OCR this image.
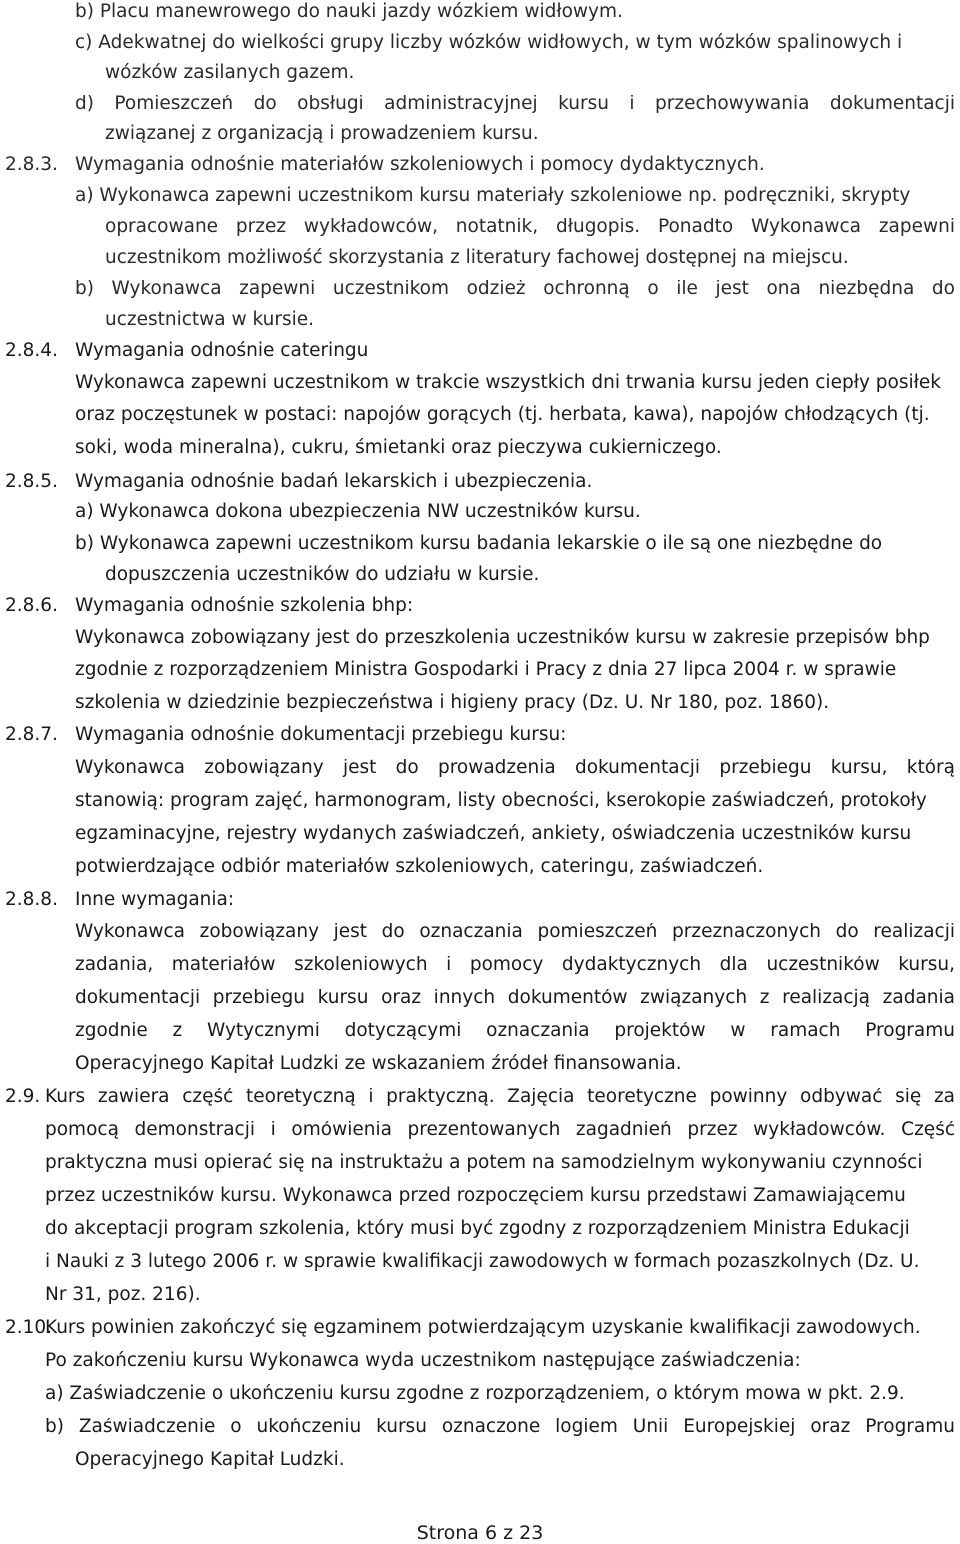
b) Placu manewrowego do nauki jazdy wózkiem widłowym.
c) Adekwatnej do wielkości grupy liczby wózków widłowych, w tym wózków spalinowych i
wózków zasilanych gazem.
d) Pomieszczeń do obsługi administracyjnej kursu i przechowywania dokumentacji
związanej z organizacją i prowadzeniem kursu.
2.8.3. Wymagania odnośnie materiałów szkoleniowych i pomocy dydaktycznych.
a) Wykonawca zapewni uczestnikom kursu materiały szkoleniowe np. podręczniki, skrypty
opracowane przez wykładowców, notatnik, długopis. Ponadto Wykonawca zapewni
uczestnikom możliwość skorzystania z literatury fachowej dostępnej na miejscu.
b) Wykonawca zapewni uczestnikom odzież ochronną o ile jest ona niezbędna do
uczestnictwa w kursie.
2.8.4. Wymagania odnośnie cateringu
Wykonawca zapewni uczestnikom w trakcie wszystkich dni trwania kursu jeden ciepły posiłek
oraz poczęstunek w postaci: napojów gorących (tj. herbata, kawa), napojów chłodzących (tj.
soki, woda mineralna), cukru, śmietanki oraz pieczywa cukierniczego.
2.8.5. Wymagania odnośnie badań lekarskich i ubezpieczenia.
a) Wykonawca dokona ubezpieczenia NW uczestników kursu.
b) Wykonawca zapewni uczestnikom kursu badania lekarskie o ile są one niezbędne do
dopuszczenia uczestników do udziału w kursie.
2.8.6. Wymagania odnośnie szkolenia bhp:
Wykonawca zobowiązany jest do przeszkolenia uczestników kursu w zakresie przepisów bhp
zgodnie z rozporządzeniem Ministra Gospodarki i Pracy z dnia 27 lipca 2004 r. w sprawie
szkolenia w dziedzinie bezpieczeństwa i higieny pracy (Dz. U. Nr 180, poz. 1860).
2.8.7. Wymagania odnośnie dokumentacji przebiegu kursu:
Wykonawca zobowiązany jest do prowadzenia dokumentacji przebiegu kursu, którą
stanowią: program zajęć, harmonogram, listy obecności, kserokopie zaświadczeń, protokoły
egzaminacyjne, rejestry wydanych zaświadczeń, ankiety, oświadczenia uczestników kursu
potwierdzające odbiór materiałów szkoleniowych, cateringu, zaświadczeń.
2.8.8. Inne wymagania:
Wykonawca zobowiązany jest do oznaczania pomieszczeń przeznaczonych do realizacji
zadania, materiałów szkoleniowych i pomocy dydaktycznych dla uczestników kursu,
dokumentacji przebiegu kursu oraz innych dokumentów związanych z realizacją zadania
zgodnie z Wytycznymi dotyczącymi oznaczania projektów w ramach Programu
Operacyjnego Kapitał Ludzki ze wskazaniem źródeł finansowania.
2.9. Kurs zawiera część teoretyczną i praktyczną. Zajęcia teoretyczne powinny odbywać się za
pomocą demonstracji i omówienia prezentowanych zagadnień przez wykładowców. Część
praktyczna musi opierać się na instruktażu a potem na samodzielnym wykonywaniu czynności
przez uczestników kursu. Wykonawca przed rozpoczęciem kursu przedstawi Zamawiającemu
do akceptacji program szkolenia, który musi być zgodny z rozporządzeniem Ministra Edukacji
i Nauki z 3 lutego 2006 r. w sprawie kwalifikacji zawodowych w formach pozaszkolnych (Dz. U.
Nr 31, poz. 216).
2.10.
Kurs powinien zakończyć się egzaminem potwierdzającym uzyskanie kwalifikacji zawodowych.
Po zakończeniu kursu Wykonawca wyda uczestnikom następujące zaświadczenia:
a) Zaświadczenie o ukończeniu kursu zgodne z rozporządzeniem, o którym mowa w pkt. 2.9.
b) Zaświadczenie o ukończeniu kursu oznaczone logiem Unii Europejskiej oraz Programu
Operacyjnego Kapitał Ludzki.
Strona 6 z 23
